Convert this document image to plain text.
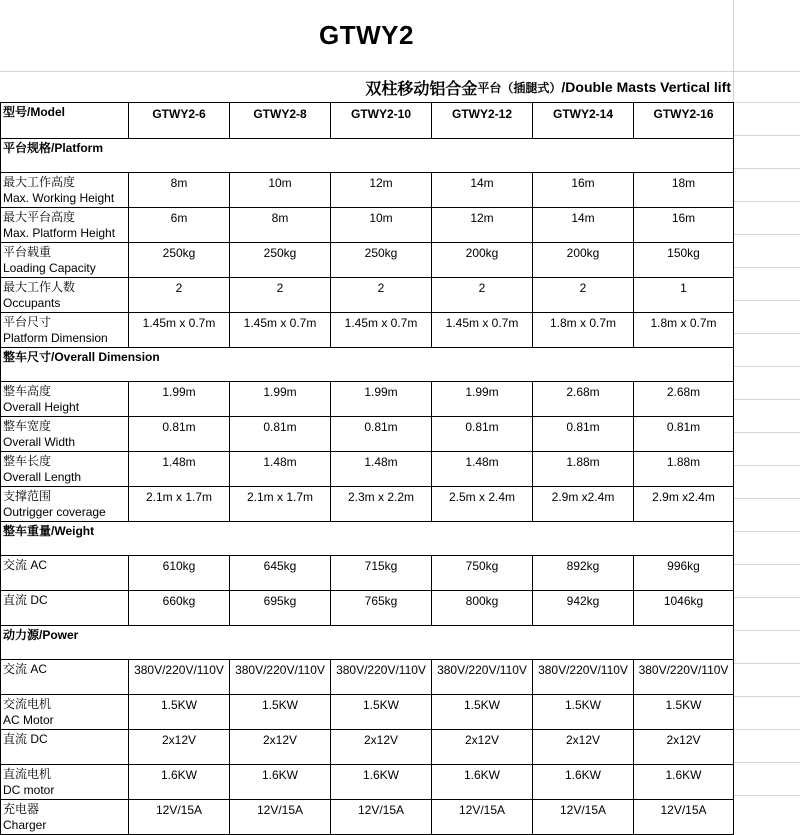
GTWY2
双柱移动铝合金 平台 （插腿式） /Double Masts Vertical lift
型号/Model	GTWY2-6	GTWY2-8	GTWY2-10	GTWY2-12	GTWY2-14	GTWY2-16
平台规格/Platform						

最大工作高度
Max. Working Height	8m	10m	12m	14m	16m	18m

最大平台高度
Max. Platform Height	6m	8m	10m	12m	14m	16m

平台载重
Loading Capacity	250kg	250kg	250kg	200kg	200kg	150kg

最大工作人数
Occupants	2	2	2	2	2	1

平台尺寸
Platform Dimension	1.45m x 0.7m	1.45m x 0.7m	1.45m x 0.7m	1.45m x 0.7m	1.8m x 0.7m	1.8m x 0.7m
整车尺寸/Overall Dimension						

整车高度
Overall Height	1.99m	1.99m	1.99m	1.99m	2.68m	2.68m

整车宽度
Overall Width	0.81m	0.81m	0.81m	0.81m	0.81m	0.81m

整车长度
Overall Length	1.48m	1.48m	1.48m	1.48m	1.88m	1.88m

支撑范围
Outrigger coverage	2.1m x 1.7m	2.1m x 1.7m	2.3m x 2.2m	2.5m x 2.4m	2.9m x2.4m	2.9m x2.4m
整车重量/Weight						

交流 AC	610kg	645kg	715kg	750kg	892kg	996kg

直流 DC	660kg	695kg	765kg	800kg	942kg	1046kg
动力源/Power						

交流 AC	380V/220V/110V	380V/220V/110V	380V/220V/110V	380V/220V/110V	380V/220V/110V	380V/220V/110V

交流电机
AC Motor	1.5KW	1.5KW	1.5KW	1.5KW	1.5KW	1.5KW

直流 DC	2x12V	2x12V	2x12V	2x12V	2x12V	2x12V

直流电机
DC motor	1.6KW	1.6KW	1.6KW	1.6KW	1.6KW	1.6KW

充电器
Charger	12V/15A	12V/15A	12V/15A	12V/15A	12V/15A	12V/15A
